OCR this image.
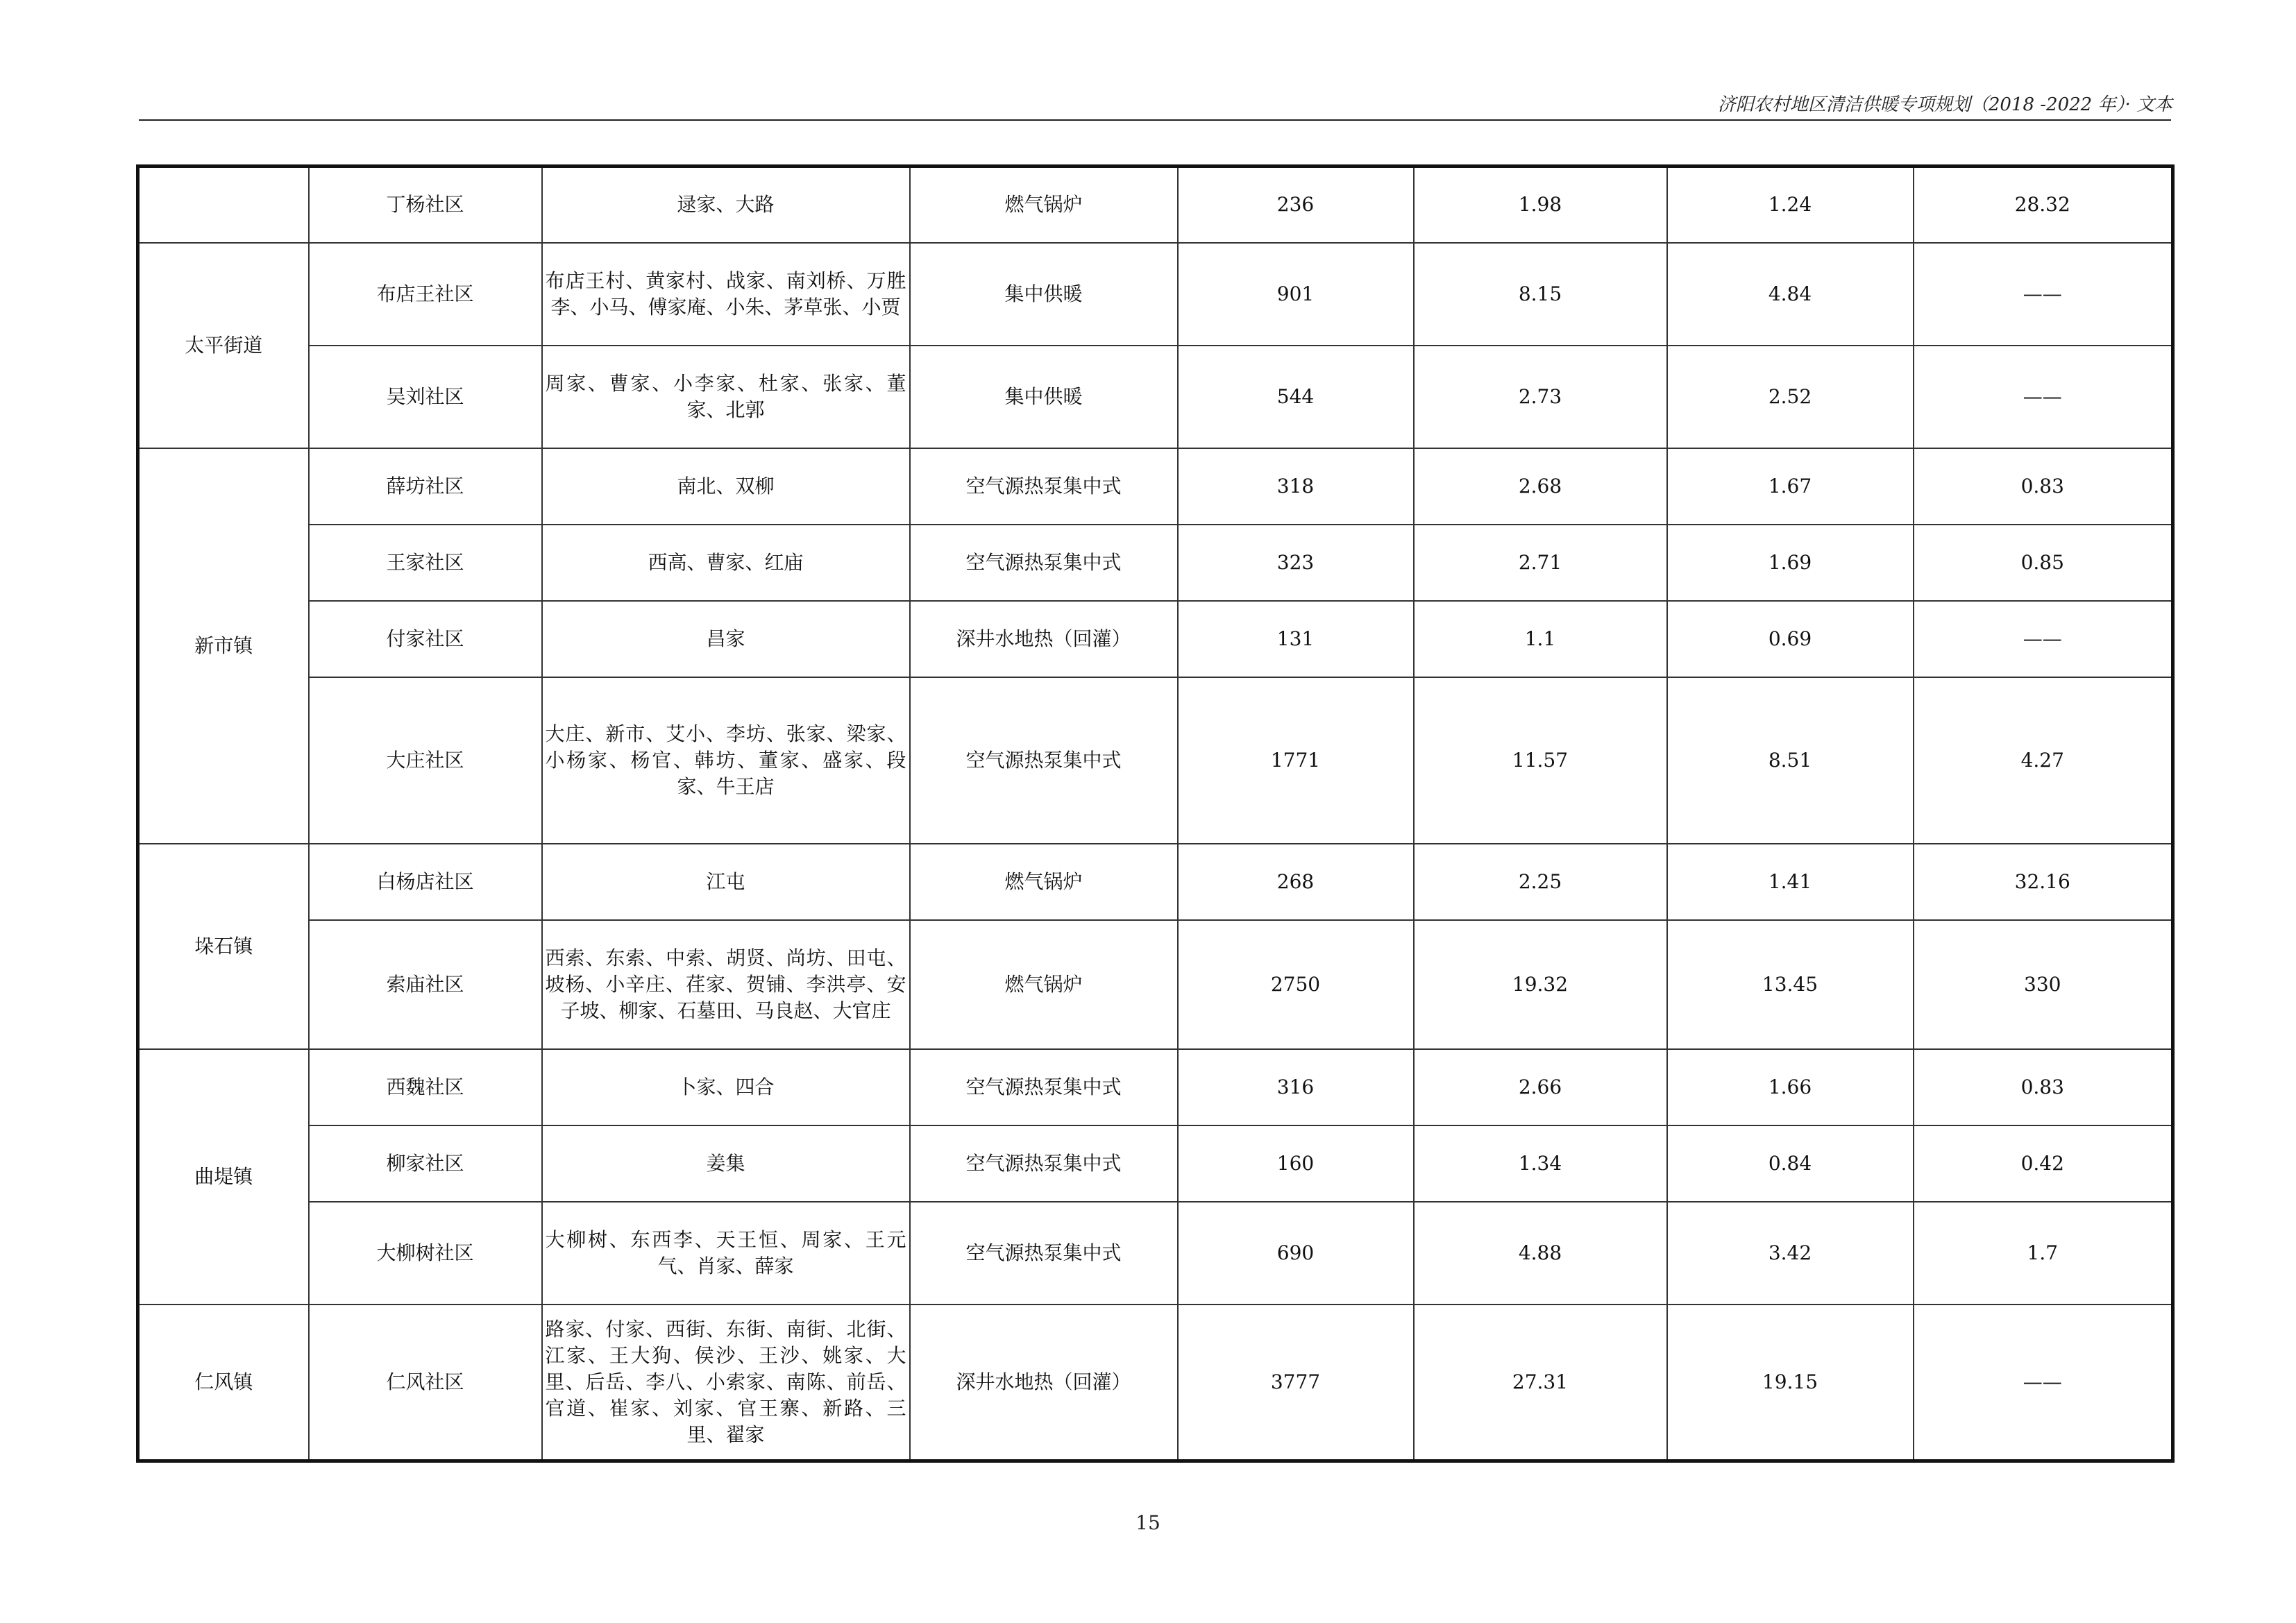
济阳农村地区清洁供暖专项规划（2018 -2022 年）· 文本
	丁杨社区	逯家、大路	燃气锅炉	236	1.98	1.24	28.32
太平街道	布店王社区	布店王村、黄家村、战家、南刘桥、万胜李、小马、傅家庵、小朱、茅草张、小贾	集中供暖	901	8.15	4.84	——
	吴刘社区	周家、曹家、小李家、杜家、张家、董家、北郭	集中供暖	544	2.73	2.52	——
新市镇	薛坊社区	南北、双柳	空气源热泵集中式	318	2.68	1.67	0.83
	王家社区	西高、曹家、红庙	空气源热泵集中式	323	2.71	1.69	0.85
	付家社区	昌家	深井水地热（回灌）	131	1.1	0.69	——
	大庄社区	大庄、新市、艾小、李坊、张家、梁家、小杨家、杨官、韩坊、董家、盛家、段家、牛王店	空气源热泵集中式	1771	11.57	8.51	4.27
垛石镇	白杨店社区	江屯	燃气锅炉	268	2.25	1.41	32.16
	索庙社区	西索、东索、中索、胡贤、尚坊、田屯、坡杨、小辛庄、荏家、贺铺、李洪亭、安子坡、柳家、石墓田、马良赵、大官庄	燃气锅炉	2750	19.32	13.45	330
曲堤镇	西魏社区	卜家、四合	空气源热泵集中式	316	2.66	1.66	0.83
	柳家社区	姜集	空气源热泵集中式	160	1.34	0.84	0.42
	大柳树社区	大柳树、东西李、天王恒、周家、王元气、肖家、薛家	空气源热泵集中式	690	4.88	3.42	1.7
仁风镇	仁风社区	路家、付家、西街、东街、南街、北街、江家、王大狗、侯沙、王沙、姚家、大里、后岳、李八、小索家、南陈、前岳、官道、崔家、刘家、官王寨、新路、三里、翟家	深井水地热（回灌）	3777	27.31	19.15	——
15
